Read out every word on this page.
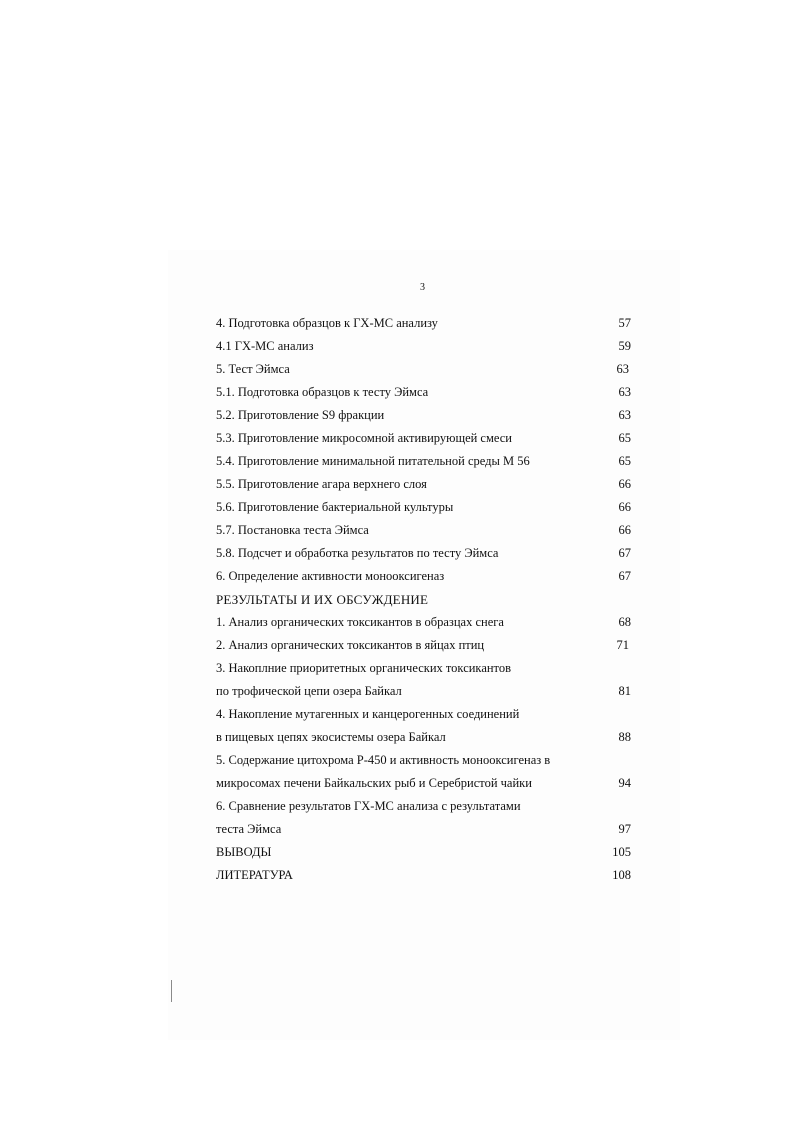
3
4. Подготовка образцов к ГХ-МС анализу	57
4.1 ГХ-МС анализ	59
5. Тест Эймса	63
5.1. Подготовка образцов к тесту Эймса	63
5.2. Приготовление S9 фракции	63
5.3. Приготовление микросомной активирующей смеси	65
5.4. Приготовление минимальной питательной среды М 56	65
5.5. Приготовление агара верхнего слоя	66
5.6. Приготовление бактериальной культуры	66
5.7. Постановка теста Эймса	66
5.8. Подсчет и обработка результатов по тесту Эймса	67
6. Определение активности монооксигеназ	67
РЕЗУЛЬТАТЫ И ИХ ОБСУЖДЕНИЕ
1. Анализ органических токсикантов в образцах снега	68
2. Анализ органических токсикантов в яйцах птиц	71
3. Накоплние приоритетных органических токсикантов
по трофической цепи озера Байкал	81
4. Накопление мутагенных и канцерогенных соединений
в пищевых цепях экосистемы озера Байкал	88
5. Содержание цитохрома Р-450 и активность монооксигеназ в
микросомах печени Байкальских рыб и Серебристой чайки	94
6. Сравнение результатов ГХ-МС анализа с результатами
теста Эймса	97
ВЫВОДЫ	105
ЛИТЕРАТУРА	108
